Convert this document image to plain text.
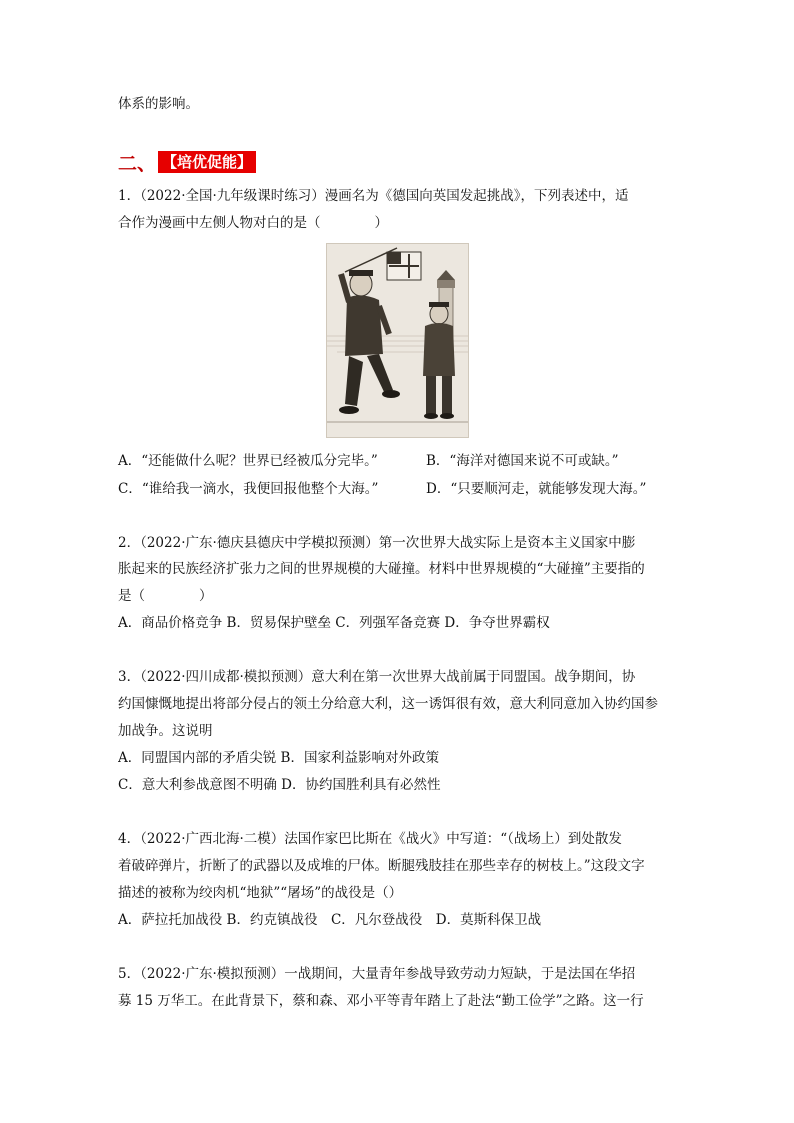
体系的影响。
二、 【培优促能】
1．（2022·全国·九年级课时练习）漫画名为《德国向英国发起挑战》，下列表述中，适
合作为漫画中左侧人物对白的是（　　　　）
A．“还能做什么呢？世界已经被瓜分完毕。”	B．“海洋对德国来说不可或缺。”
C．“谁给我一滴水，我便回报他整个大海。”	D．“只要顺河走，就能够发现大海。”
2．（2022·广东·德庆县德庆中学模拟预测）第一次世界大战实际上是资本主义国家中膨
胀起来的民族经济扩张力之间的世界规模的大碰撞。材料中世界规模的“大碰撞”主要指的
是（　　　　）
A．商品价格竞争 B．贸易保护壁垒 C．列强军备竞赛 D．争夺世界霸权
3．（2022·四川成都·模拟预测）意大利在第一次世界大战前属于同盟国。战争期间，协
约国慷慨地提出将部分侵占的领土分给意大利，这一诱饵很有效，意大利同意加入协约国参
加战争。这说明
A．同盟国内部的矛盾尖锐 B．国家利益影响对外政策
C．意大利参战意图不明确 D．协约国胜利具有必然性
4．（2022·广西北海·二模）法国作家巴比斯在《战火》中写道：“（战场上）到处散发
着破碎弹片，折断了的武器以及成堆的尸体。断腿残肢挂在那些幸存的树枝上。”这段文字
描述的被称为绞肉机“地狱”“屠场”的战役是（）
A．萨拉托加战役 B．约克镇战役　C．凡尔登战役　D．莫斯科保卫战
5．（2022·广东·模拟预测）一战期间，大量青年参战导致劳动力短缺，于是法国在华招
募 15 万华工。在此背景下，蔡和森、邓小平等青年踏上了赴法“勤工俭学”之路。这一行
